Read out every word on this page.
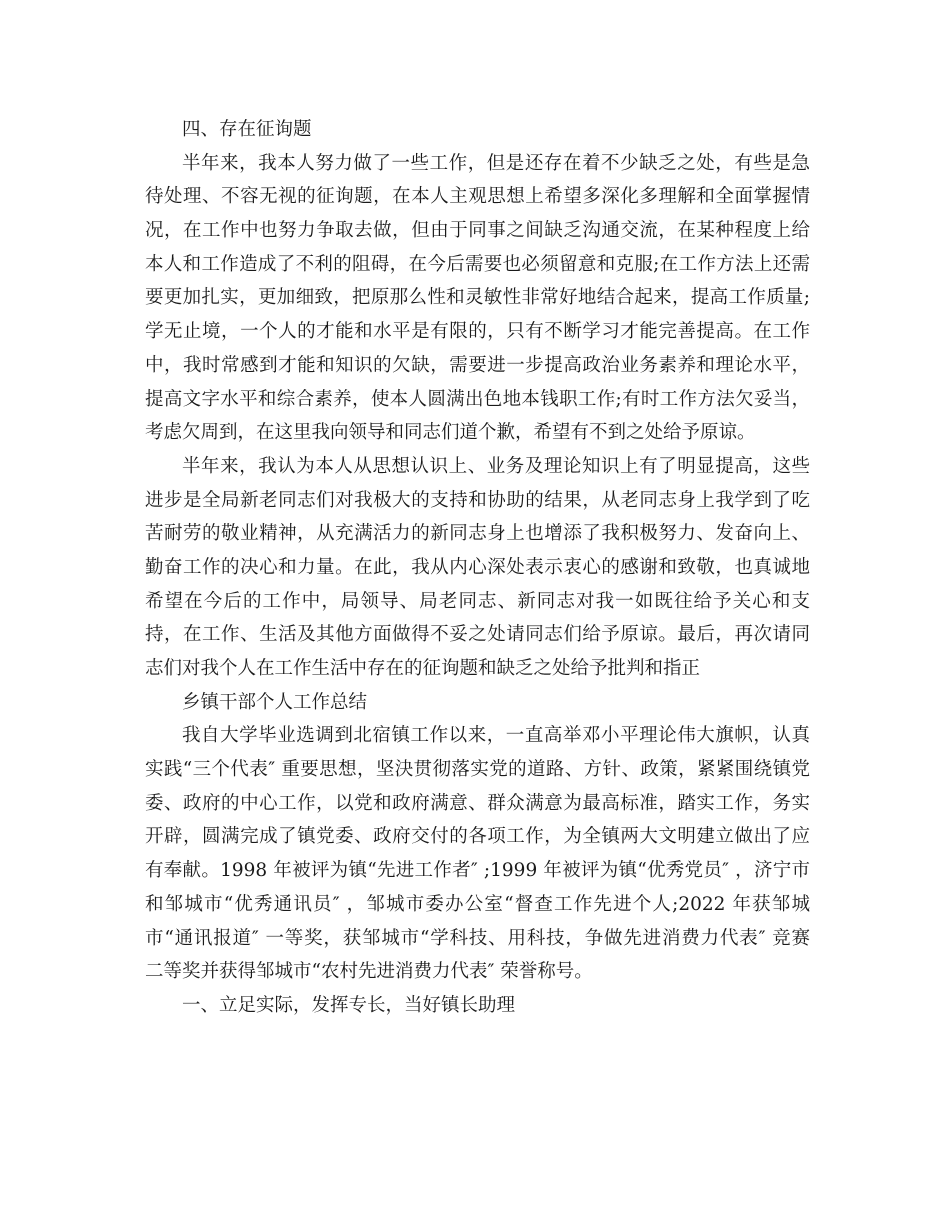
四、存在征询题
半年来，我本人努力做了一些工作，但是还存在着不少缺乏之处，有些是急
待处理、不容无视的征询题，在本人主观思想上希望多深化多理解和全面掌握情
况，在工作中也努力争取去做，但由于同事之间缺乏沟通交流，在某种程度上给
本人和工作造成了不利的阻碍，在今后需要也必须留意和克服;在工作方法上还需
要更加扎实，更加细致，把原那么性和灵敏性非常好地结合起来，提高工作质量;
学无止境，一个人的才能和水平是有限的，只有不断学习才能完善提高。在工作
中，我时常感到才能和知识的欠缺，需要进一步提高政治业务素养和理论水平，
提高文字水平和综合素养，使本人圆满出色地本钱职工作;有时工作方法欠妥当，
考虑欠周到，在这里我向领导和同志们道个歉，希望有不到之处给予原谅。
半年来，我认为本人从思想认识上、业务及理论知识上有了明显提高，这些
进步是全局新老同志们对我极大的支持和协助的结果，从老同志身上我学到了吃
苦耐劳的敬业精神，从充满活力的新同志身上也增添了我积极努力、发奋向上、
勤奋工作的决心和力量。在此，我从内心深处表示衷心的感谢和致敬，也真诚地
希望在今后的工作中，局领导、局老同志、新同志对我一如既往给予关心和支
持，在工作、生活及其他方面做得不妥之处请同志们给予原谅。最后，再次请同
志们对我个人在工作生活中存在的征询题和缺乏之处给予批判和指正
乡镇干部个人工作总结
我自大学毕业选调到北宿镇工作以来，一直高举邓小平理论伟大旗帜，认真
实践“三个代表″ 重要思想，坚決贯彻落实党的道路、方针、政策，紧紧围绕镇党
委、政府的中心工作，以党和政府满意、群众满意为最高标准，踏实工作，务实
开辟，圆满完成了镇党委、政府交付的各项工作，为全镇两大文明建立做出了应
有奉献。1998 年被评为镇“先进工作者″ ;1999 年被评为镇“优秀党员″ ，济宁市
和邹城市“优秀通讯员″ ，邹城市委办公室“督查工作先进个人;2022 年获邹城
市“通讯报道″ 一等奖，获邹城市“学科技、用科技，争做先进消费力代表″ 竞赛
二等奖并获得邹城市“农村先进消费力代表″ 荣誉称号。
一、立足实际，发挥专长，当好镇长助理
